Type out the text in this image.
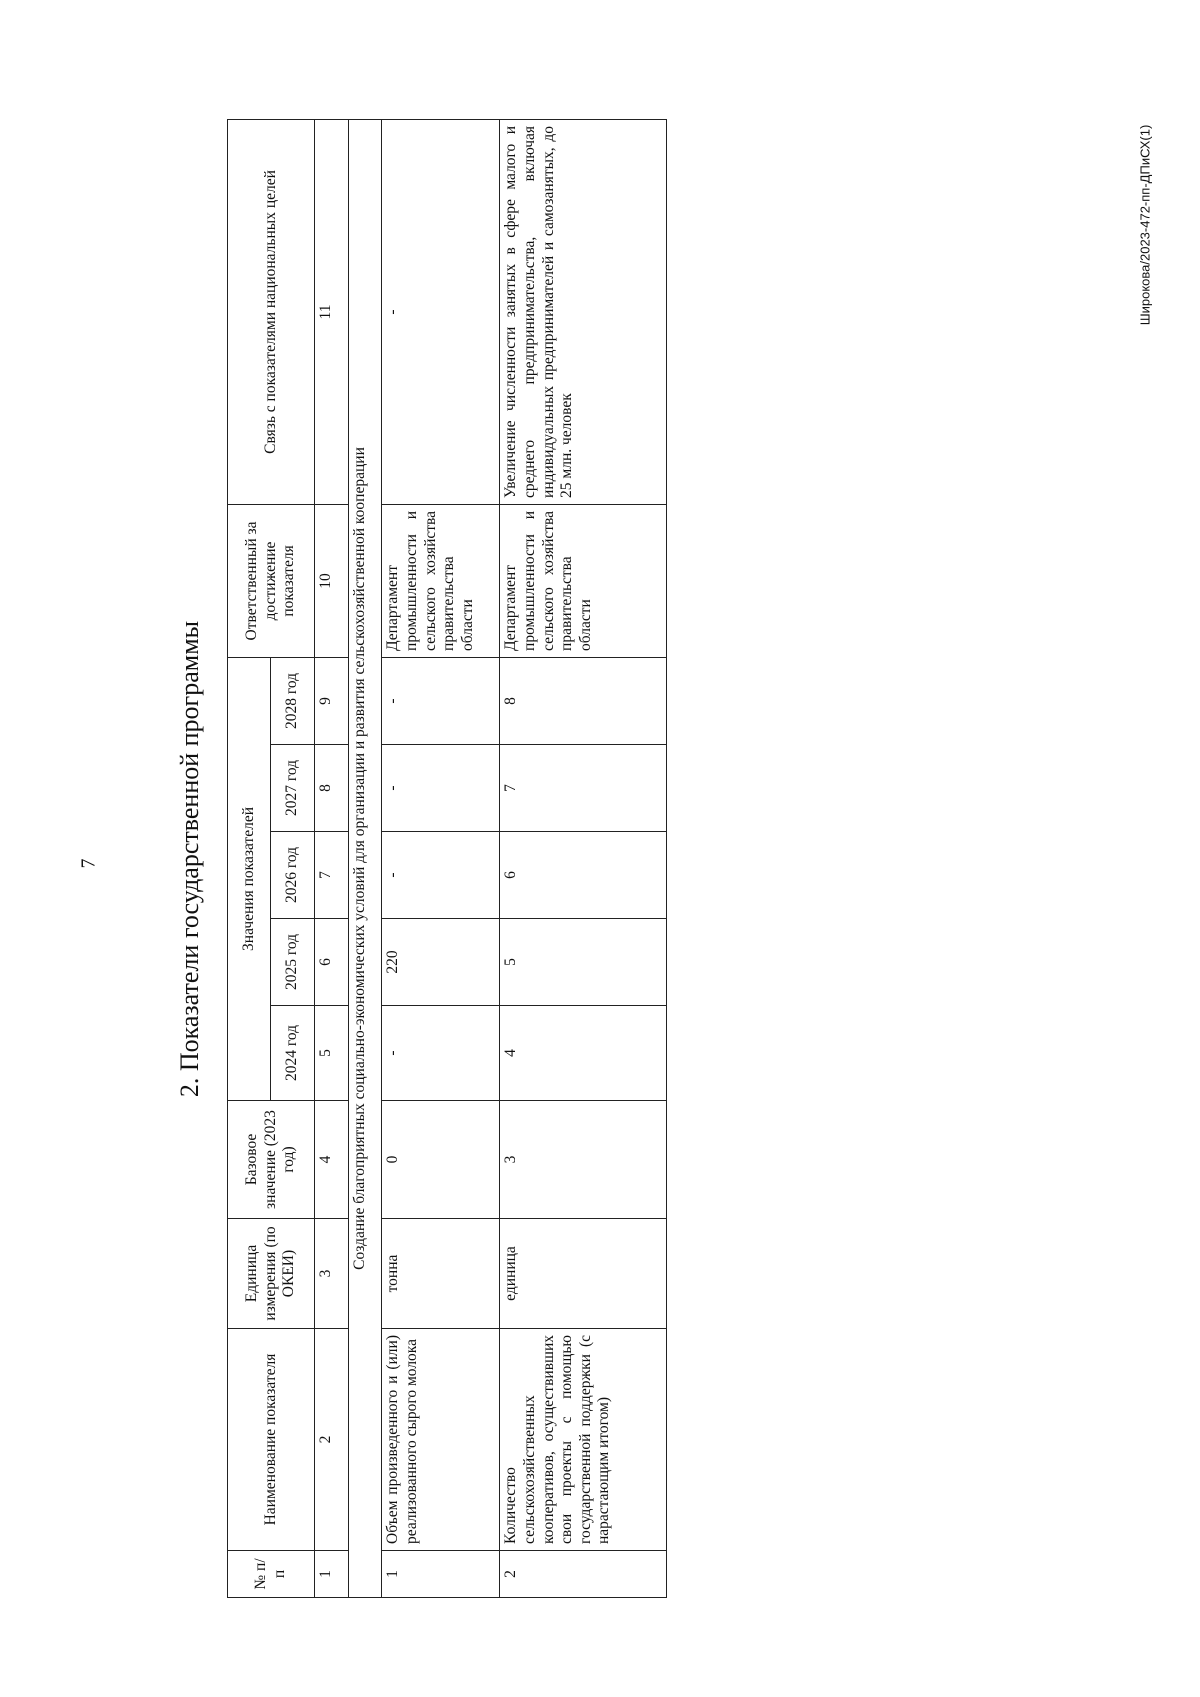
7
Широкова/2023-472-пп-ДПиСХ(1)
2. Показатели государственной программы
№ п/п	Наименование показателя	Единица измерения (по ОКЕИ)	Базовое значение (2023 год)	Значения показателей					Ответственный за достижение показателя	Связь с показателями национальных целей
				2024 год	2025 год	2026 год	2027 год	2028 год		
1	2	3	4	5	6	7	8	9	10	11
Создание благоприятных социально-экономических условий для организации и развития сельскохозяйственной кооперации										
1	Объем произведенного и (или) реализованного сырого молока	тонна	0	-	220	-	-	-	Департамент промышленности и сельского хозяйства правительства области	-
2	Количество сельскохозяйственных кооперативов, осуществивших свои проекты с помощью государственной поддержки (с нарастающим итогом)	единица	3	4	5	6	7	8	Департамент промышленности и сельского хозяйства правительства области	Увеличение численности занятых в сфере малого и среднего предпринимательства, включая индивидуальных предпринимателей и самозанятых, до 25 млн. человек
